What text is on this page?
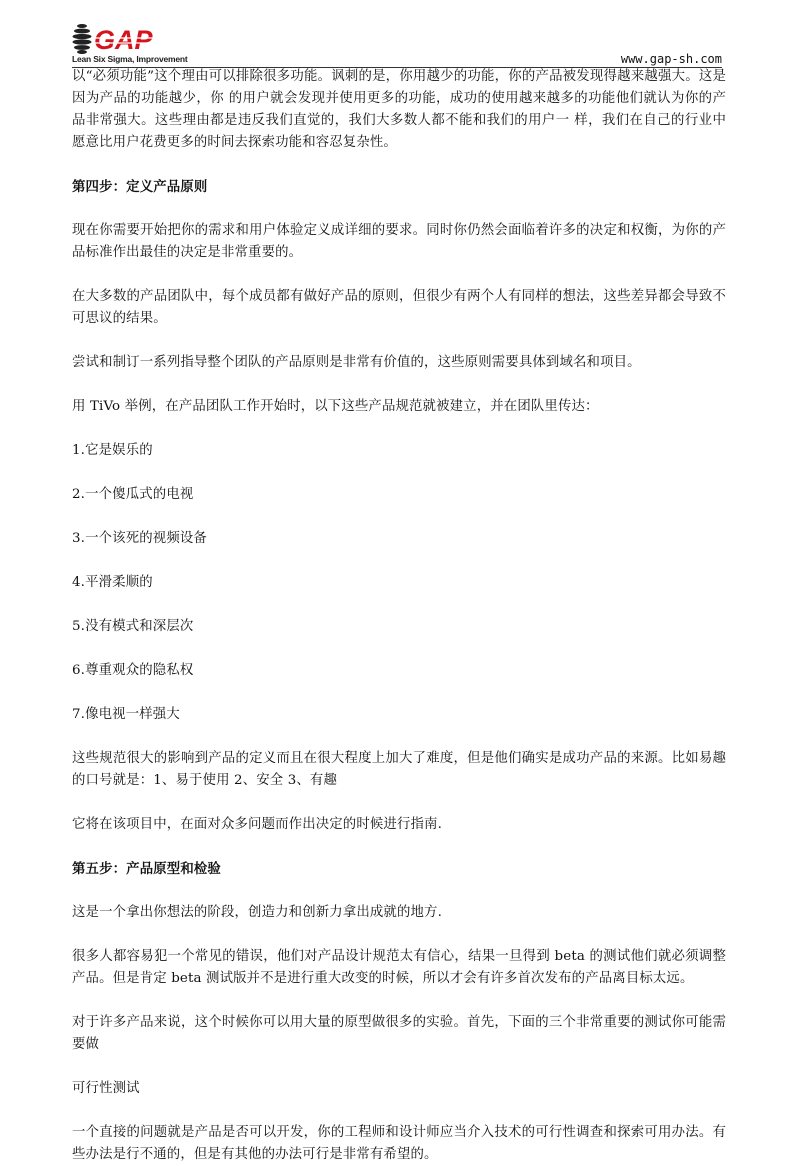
GAP
Lean Six Sigma, Improvement	www.gap-sh.com

以“必须功能”这个理由可以排除很多功能。讽刺的是，你用越少的功能，你的产品被发现得越来越强大。这是因为产品的功能越少，你 的用户就会发现并使用更多的功能，成功的使用越来越多的功能他们就认为你的产品非常强大。这些理由都是违反我们直觉的，我们大多数人都不能和我们的用户一 样，我们在自己的行业中愿意比用户花费更多的时间去探索功能和容忍复杂性。

第四步：定义产品原则

现在你需要开始把你的需求和用户体验定义成详细的要求。同时你仍然会面临着许多的决定和权衡，为你的产品标准作出最佳的决定是非常重要的。

在大多数的产品团队中，每个成员都有做好产品的原则，但很少有两个人有同样的想法，这些差异都会导致不可思议的结果。

尝试和制订一系列指导整个团队的产品原则是非常有价值的，这些原则需要具体到域名和项目。

用 TiVo 举例，在产品团队工作开始时，以下这些产品规范就被建立，并在团队里传达：

1.它是娱乐的

2.一个傻瓜式的电视

3.一个该死的视频设备

4.平滑柔顺的

5.没有模式和深层次

6.尊重观众的隐私权

7.像电视一样强大

这些规范很大的影响到产品的定义而且在很大程度上加大了难度，但是他们确实是成功产品的来源。比如易趣的口号就是：1、易于使用 2、安全 3、有趣

它将在该项目中，在面对众多问题而作出决定的时候进行指南.

第五步：产品原型和检验

这是一个拿出你想法的阶段，创造力和创新力拿出成就的地方.

很多人都容易犯一个常见的错误，他们对产品设计规范太有信心，结果一旦得到 beta 的测试他们就必须调整产品。但是肯定 beta 测试版并不是进行重大改变的时候，所以才会有许多首次发布的产品离目标太远。

对于许多产品来说，这个时候你可以用大量的原型做很多的实验。首先，下面的三个非常重要的测试你可能需要做

可行性测试

一个直接的问题就是产品是否可以开发，你的工程师和设计师应当介入技术的可行性调查和探索可用办法。有些办法是行不通的，但是有其他的办法可行是非常有希望的。
